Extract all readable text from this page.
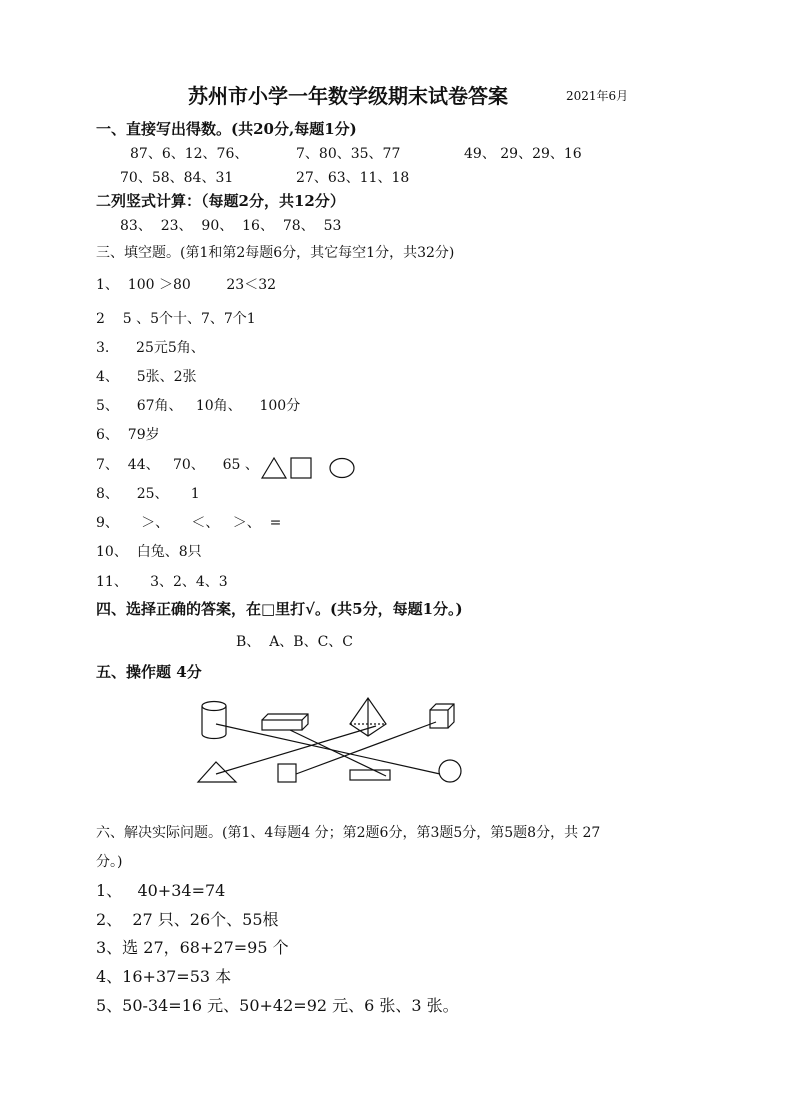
苏州市小学一年数学级期末试卷答案	2021年6月
一、直接写出得数。(共20分,每题1分)
87、6、12、76、	7、80、35、77	49、 29、29、16
70、58、84、31	27、63、11、18
二列竖式计算：（每题2分，共12分）
83、  23、  90、  16、  78、  53
三、填空题。(第1和第2每题6分，其它每空1分，共32分)
1、  100 ＞80        23＜32
2    5 、5个十、7、7个1
3.      25元5角、
4、    5张、2张
5、    67角、   10角、    100分
6、  79岁
7、  44、   70、    65 、
8、    25、     1
9、     ＞、     ＜、   ＞、  =
10、  白兔、8只
11、     3、2、4、3
四、选择正确的答案，在□里打√。(共5分，每题1分。)
B、  A、B、C、C
五、操作题 4分
六、解决实际问题。(第1、4每题4 分；第2题6分，第3题5分，第5题8分，共 27
分。)
1、   40+34=74
2、  27 只、26个、55根
3、选 27，68+27=95 个
4、16+37=53 本
5、50-34=16 元、50+42=92 元、6 张、3 张。
